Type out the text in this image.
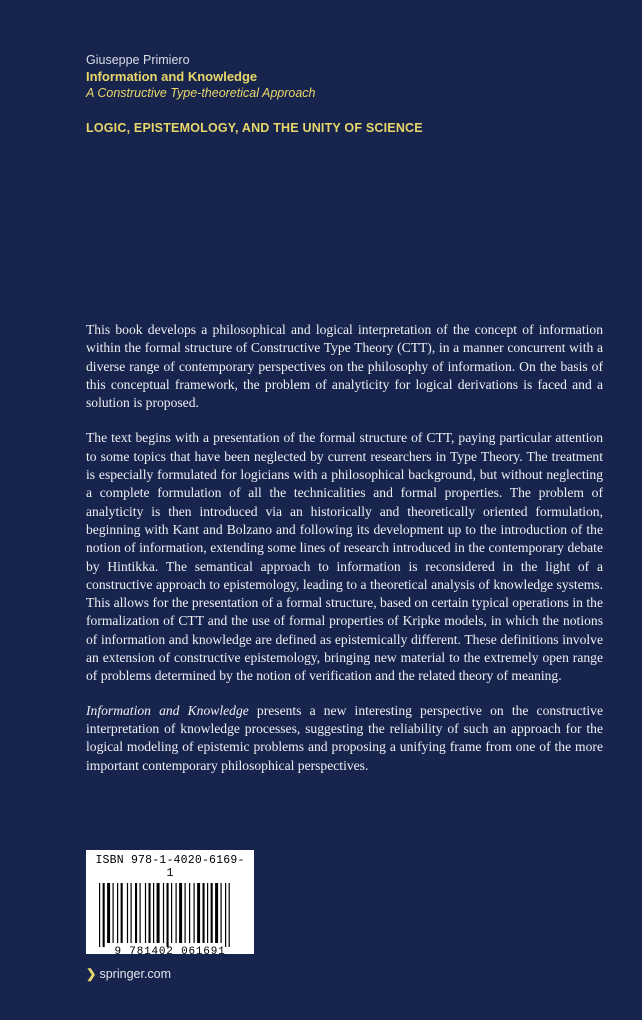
Giuseppe Primiero
Information and Knowledge
A Constructive Type-theoretical Approach
LOGIC, EPISTEMOLOGY, AND THE UNITY OF SCIENCE

This book develops a philosophical and logical interpretation of the concept of information within the formal structure of Constructive Type Theory (CTT), in a manner concurrent with a diverse range of contemporary perspectives on the philosophy of information. On the basis of this conceptual framework, the problem of analyticity for logical derivations is faced and a solution is proposed.

The text begins with a presentation of the formal structure of CTT, paying particular attention to some topics that have been neglected by current researchers in Type Theory. The treatment is especially formulated for logicians with a philosophical background, but without neglecting a complete formulation of all the technicalities and formal properties. The problem of analyticity is then introduced via an historically and theoretically oriented formulation, beginning with Kant and Bolzano and following its development up to the introduction of the notion of information, extending some lines of research introduced in the contemporary debate by Hintikka. The semantical approach to information is reconsidered in the light of a constructive approach to epistemology, leading to a theoretical analysis of knowledge systems. This allows for the presentation of a formal structure, based on certain typical operations in the formalization of CTT and the use of formal properties of Kripke models, in which the notions of information and knowledge are defined as epistemically different. These definitions involve an extension of constructive epistemology, bringing new material to the extremely open range of problems determined by the notion of verification and the related theory of meaning.

Information and Knowledge presents a new interesting perspective on the constructive interpretation of knowledge processes, suggesting the reliability of such an approach for the logical modeling of epistemic problems and proposing a unifying frame from one of the more important contemporary philosophical perspectives.

ISBN 978-1-4020-6169-1
9 781402 061691
❯ springer.com
